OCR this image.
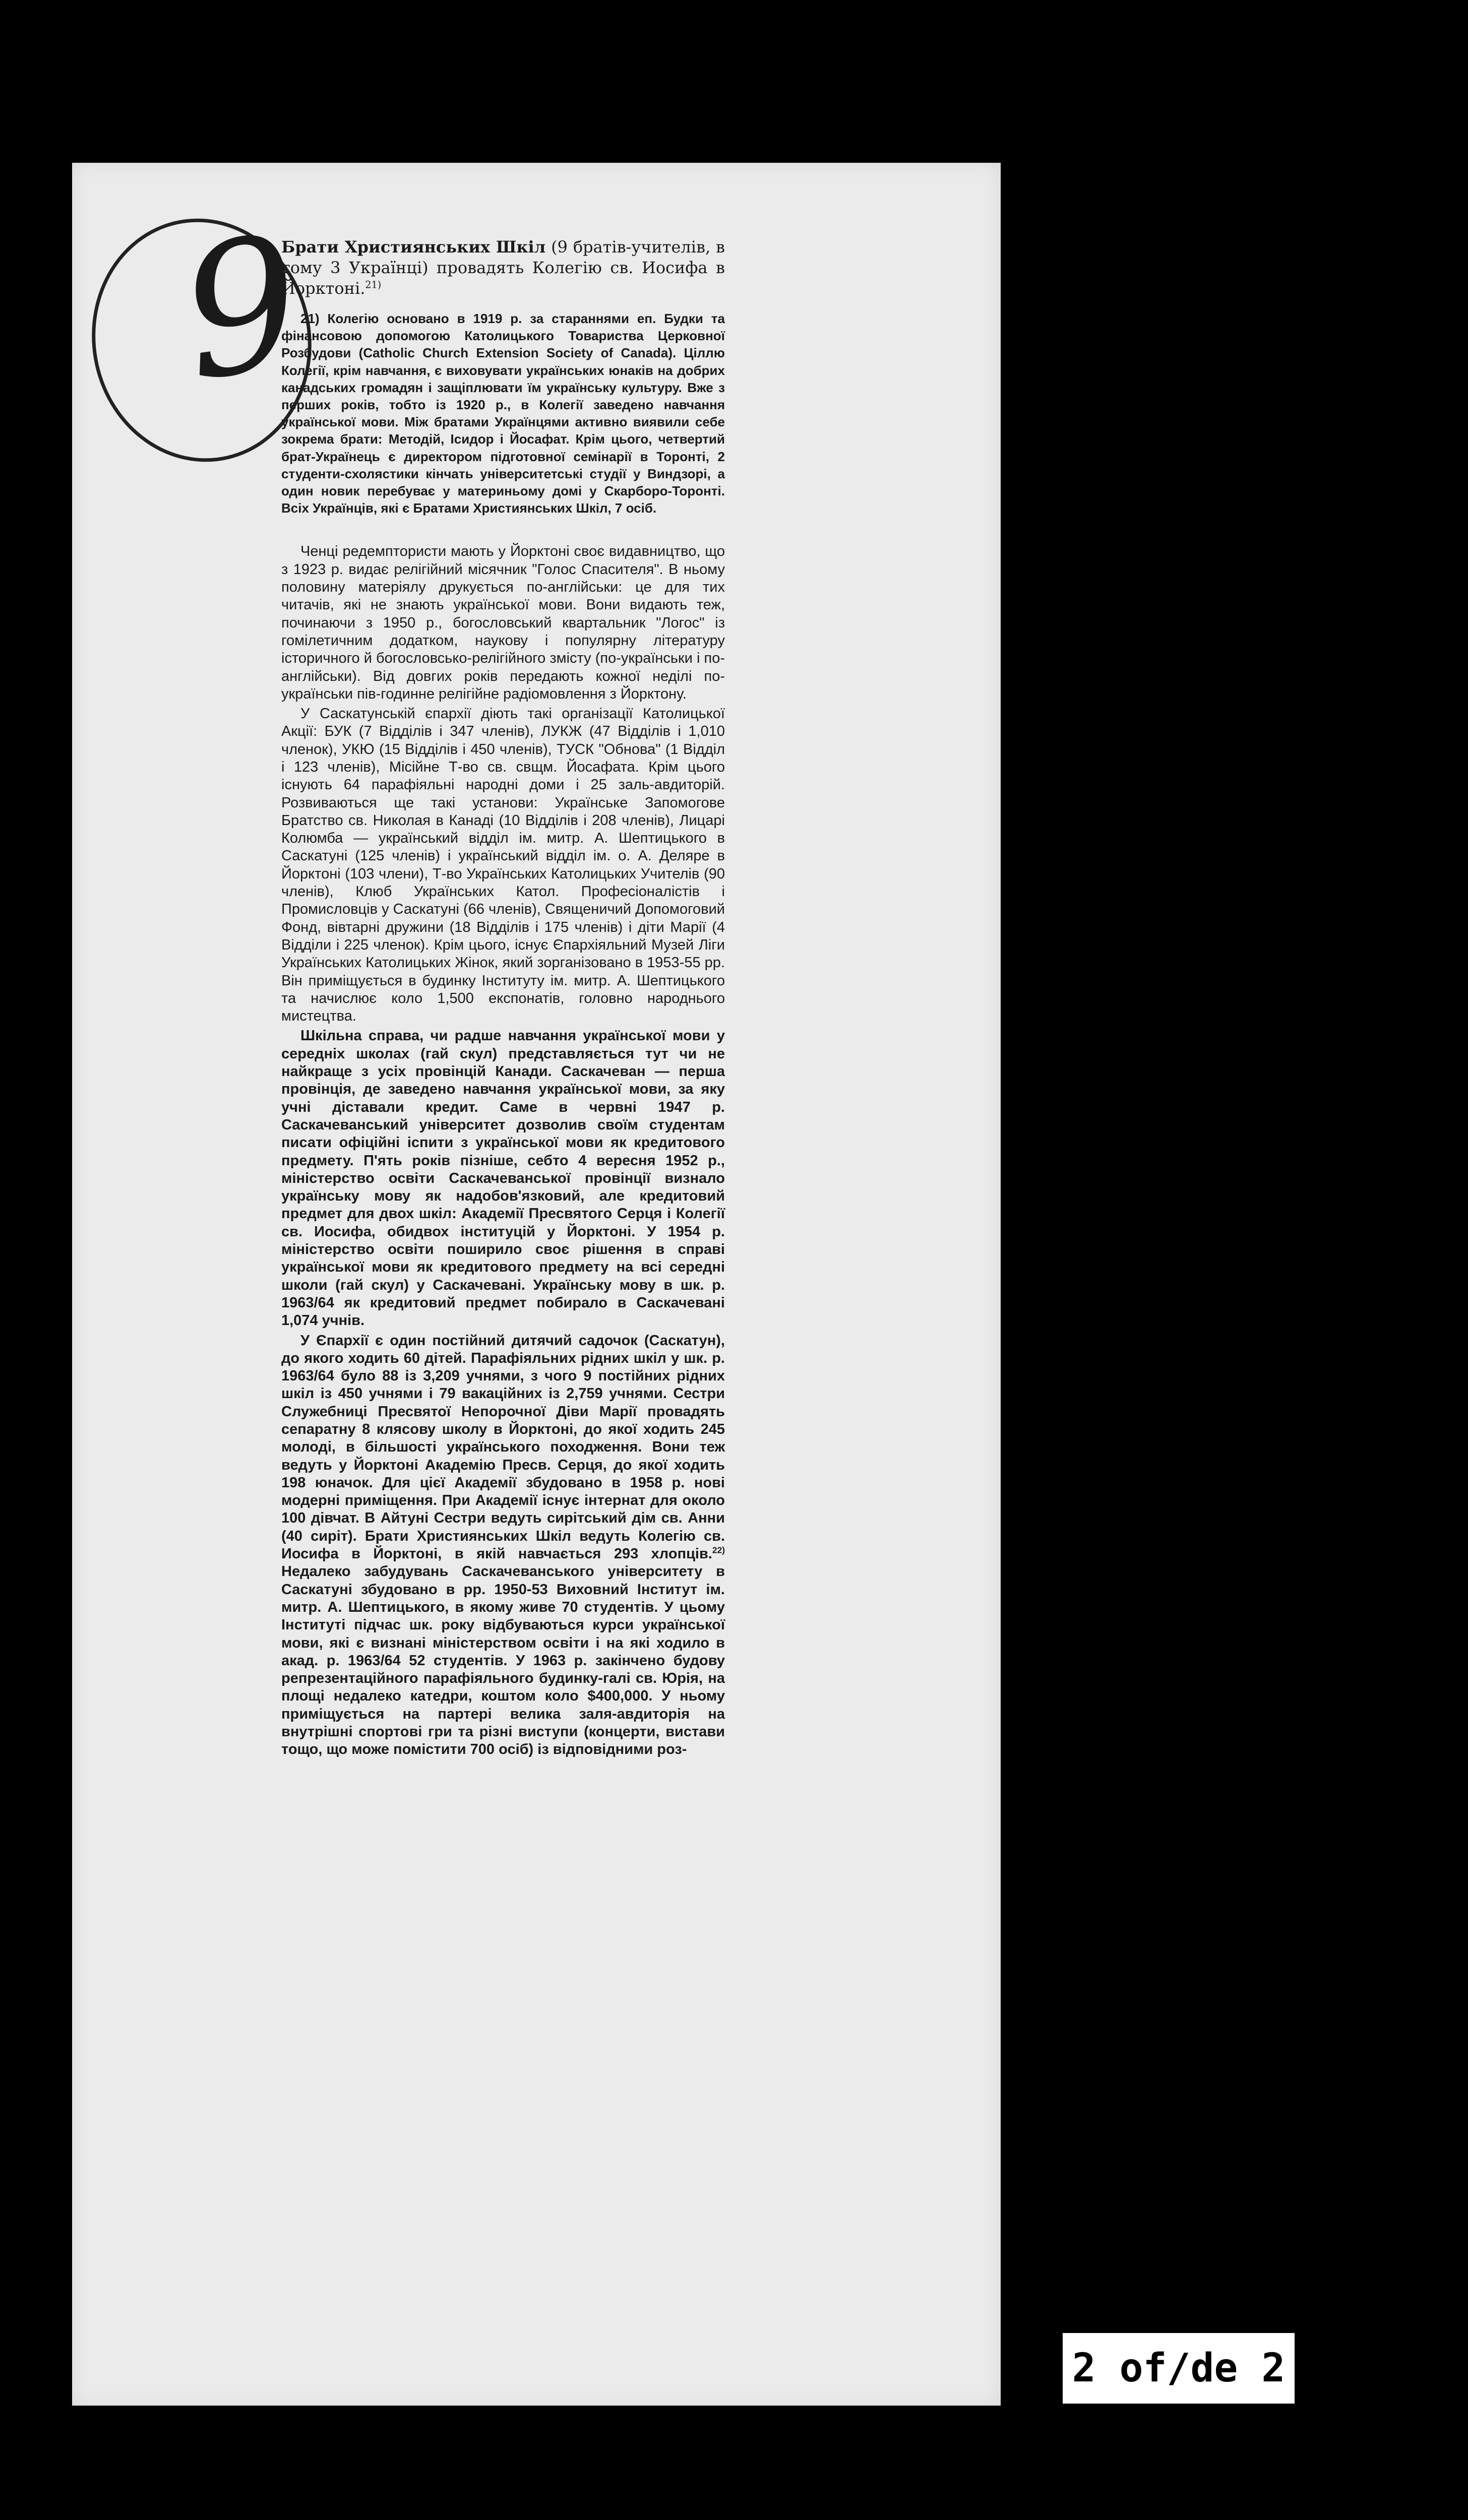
9

Брати Християнських Шкіл (9 братів-учителів, в тому 3 Українці) провадять Колегію св. Иосифа в Йорктоні.$^{21)}$

21) Колегію основано в 1919 р. за стараннями еп. Будки та фінансовою допомогою Католицького Товариства Церковної Розбудови (Catholic Church Extension Society of Canada). Ціллю Колегії, крім навчання, є виховувати українських юнаків на добрих канадських громадян і защіплювати їм українську культуру. Вже з перших років, тобто із 1920 р., в Колегії заведено навчання української мови. Між братами Українцями активно виявили себе зокрема брати: Методій, Ісидор і Йосафат. Крім цього, четвертий брат-Українець є директором підготовної семінарії в Торонті, 2 студенти-схолястики кінчать університетські студії у Виндзорі, а один новик перебуває у материньому домі у Скарборо-Торонті. Всіх Українців, які є Братами Християнських Шкіл, 7 осіб.

Ченці редемптористи мають у Йорктоні своє видавництво, що з 1923 р. видає релігійний місячник "Голос Спасителя". В ньому половину матеріялу друкується по-англійськи: це для тих читачів, які не знають української мови. Вони видають теж, починаючи з 1950 р., богословський квартальник "Логос" із гомілетичним додатком, наукову і популярну літературу історичного й богословсько-релігійного змісту (по-українськи і по-англійськи). Від довгих років передають кожної неділі по-українськи пів-годинне релігійне радіомовлення з Йорктону.

У Саскатунській єпархії діють такі організації Католицької Акції: БУК (7 Відділів і 347 членів), ЛУКЖ (47 Відділів і 1,010 членок), УКЮ (15 Відділів і 450 членів), ТУСК "Обнова" (1 Відділ і 123 членів), Місійне Т-во св. свщм. Йосафата. Крім цього існують 64 парафіяльні народні доми і 25 заль-авдиторій. Розвиваються ще такі установи: Українське Запомогове Братство св. Николая в Канаді (10 Відділів і 208 членів), Лицарі Колюмба — український відділ ім. митр. А. Шептицького в Саскатуні (125 членів) і український відділ ім. о. А. Деляре в Йорктоні (103 члени), Т-во Українських Католицьких Учителів (90 членів), Клюб Українських Катол. Професіоналістів і Промисловців у Саскатуні (66 членів), Священичий Допомоговий Фонд, вівтарні дружини (18 Відділів і 175 членів) і діти Марії (4 Відділи і 225 членок). Крім цього, існує Єпархіяльний Музей Ліги Українських Католицьких Жінок, який зорганізовано в 1953-55 рр. Він приміщується в будинку Інституту ім. митр. А. Шептицького та начислює коло 1,500 експонатів, головно народнього мистецтва.

Шкільна справа, чи радше навчання української мови у середніх школах (гай скул) представляється тут чи не найкраще з усіх провінцій Канади. Саскачеван — перша провінція, де заведено навчання української мови, за яку учні діставали кредит. Саме в червні 1947 р. Саскачеванський університет дозволив своїм студентам писати офіційні іспити з української мови як кредитового предмету. П'ять років пізніше, себто 4 вересня 1952 р., міністерство освіти Саскачеванської провінції визнало українську мову як надобов'язковий, але кредитовий предмет для двох шкіл: Академії Пресвятого Серця і Колегії св. Иосифа, обидвох інституцій у Йорктоні. У 1954 р. міністерство освіти поширило своє рішення в справі української мови як кредитового предмету на всі середні школи (гай скул) у Саскачевані. Українську мову в шк. р. 1963/64 як кредитовий предмет побирало в Саскачевані 1,074 учнів.

У Єпархії є один постійний дитячий садочок (Саскатун), до якого ходить 60 дітей. Парафіяльних рідних шкіл у шк. р. 1963/64 було 88 із 3,209 учнями, з чого 9 постійних рідних шкіл із 450 учнями і 79 вакаційних із 2,759 учнями. Сестри Служебниці Пресвятої Непорочної Діви Марії провадять сепаратну 8 клясову школу в Йорктоні, до якої ходить 245 молоді, в більшості українського походження. Вони теж ведуть у Йорктоні Академію Пресв. Серця, до якої ходить 198 юначок. Для цієї Академії збудовано в 1958 р. нові модерні приміщення. При Академії існує інтернат для около 100 дівчат. В Айтуні Сестри ведуть сирітський дім св. Анни (40 сиріт). Брати Християнських Шкіл ведуть Колегію св. Иосифа в Йорктоні, в якій навчається 293 хлопців.$^{22)}$ Недалеко забудувань Саскачеванського університету в Саскатуні збудовано в рр. 1950-53 Виховний Інститут ім. митр. А. Шептицького, в якому живе 70 студентів. У цьому Інституті підчас шк. року відбуваються курси української мови, які є визнані міністерством освіти і на які ходило в акад. р. 1963/64 52 студентів. У 1963 р. закінчено будову репрезентаційного парафіяльного будинку-галі св. Юрія, на площі недалеко катедри, коштом коло $400,000. У ньому приміщується на партері велика заля-авдиторія на внутрішні спортові гри та різні виступи (концерти, вистави тощо, що може помістити 700 осіб) із відповідними роз-

2 of/de 2
